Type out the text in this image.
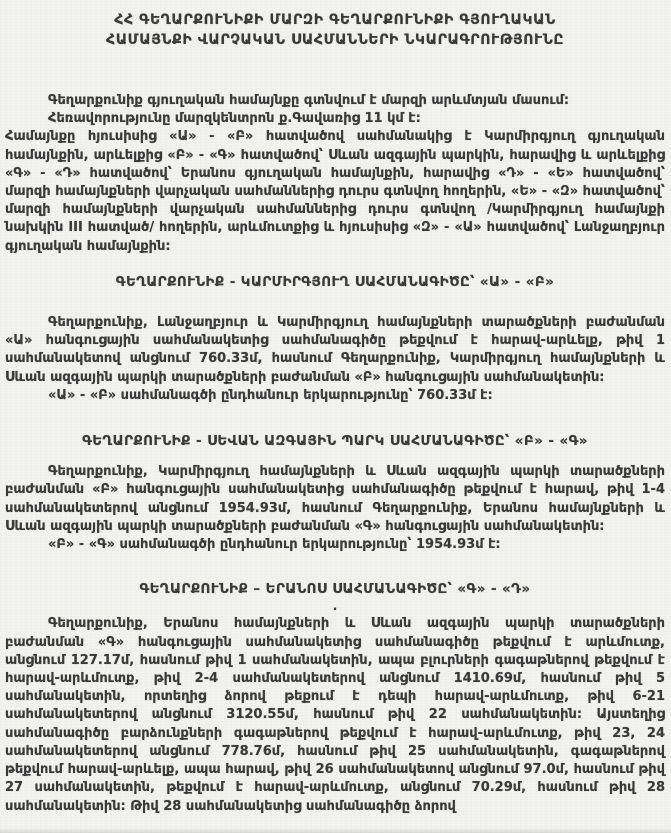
ՀՀ ԳԵՂԱՐՔՈՒՆԻՔԻ ՄԱՐԶԻ ԳԵՂԱՐՔՈՒՆԻՔԻ ԳՅՈՒՂԱԿԱՆ
ՀԱՄԱՅՆՔԻ ՎԱՐՉԱԿԱՆ ՍԱՀՄԱՆՆԵՐԻ ՆԿԱՐԱԳՐՈՒԹՅՈՒՆԸ

Գեղարքունիք գյուղական համայնքը գտնվում է մարզի արևմտյան մասում:

Հեռավորությունը մարզկենտրոն ք.Գավառից 11 կմ է:

Համայնքը հյուսիսից «Ա» - «Բ» հատվածով սահմանակից է Կարմիրգյուղ գյուղական համայնքին, արևելքից «Բ» - «Գ» հատվածով՝ Սևան ազգային պարկին, հարավից և արևելքից «Գ» - «Դ» հատվածով՝ Երանոս գյուղական համայնքին, հարավից «Դ» - «Ե» հատվածով՝ մարզի համայնքների վարչական սահմաններից դուրս գտնվող հողերին, «Ե» - «Զ» հատվածով՝ մարզի համայնքների վարչական սահմաններից դուրս գտնվող /Կարմիրգյուղ համայնքի նախկին III հատված/ հողերին, արևմուտքից և հյուսիսից «Զ» - «Ա» հատվածով՝ Լանջաղբյուր գյուղական համայնքին:

ԳԵՂԱՐՔՈՒՆԻՔ - ԿԱՐՄԻՐԳՅՈՒՂ ՍԱՀՄԱՆԱԳԻԾԸ՝ «Ա» - «Բ»

Գեղարքունիք, Լանջաղբյուր և Կարմիրգյուղ համայնքների տարածքների բաժանման «Ա» հանգուցային սահմանակետից սահմանագիծը թեքվում է հարավ-արևելք, թիվ 1 սահմանակետով անցնում 760.33մ, հասնում Գեղարքունիք, Կարմիրգյուղ համայնքների և Սևան ազգային պարկի տարածքների բաժանման «Բ» հանգուցային սահմանակետին:

«Ա» - «Բ» սահմանագծի ընդհանուր երկարությունը՝ 760.33մ է:

ԳԵՂԱՐՔՈՒՆԻՔ - ՍԵՎԱՆ ԱԶԳԱՅԻՆ ՊԱՐԿ ՍԱՀՄԱՆԱԳԻԾԸ՝ «Բ» - «Գ»

Գեղարքունիք, Կարմիրգյուղ համայնքների և Սևան ազգային պարկի տարածքների բաժանման «Բ» հանգուցային սահմանակետից սահմանագիծը թեքվում է հարավ, թիվ 1-4 սահմանակետերով անցնում 1954.93մ, հասնում Գեղարքունիք, Երանոս համայնքների և Սևան ազգային պարկի տարածքների բաժանման «Գ» հանգուցային սահմանակետին:

«Բ» - «Գ» սահմանագծի ընդհանուր երկարությունը՝ 1954.93մ է:

ԳԵՂԱՐՔՈՒՆԻՔ – ԵՐԱՆՈՍ ՍԱՀՄԱՆԱԳԻԾԸ՝ «Գ» - «Դ»

.

Գեղարքունիք, Երանոս համայնքների և Սևան ազգային պարկի տարածքների բաժանման «Գ» հանգուցային սահմանակետից սահմանագիծը թեքվում է արևմուտք, անցնում 127.17մ, հասնում թիվ 1 սահմանակետին, ապա բլուրների գագաթներով թեքվում է հարավ-արևմուտք, թիվ 2-4 սահմանակետերով անցնում 1410.69մ, հասնում թիվ 5 սահմանակետին, որտեղից ձորով թեքում է դեպի հարավ-արևմուտք, թիվ 6-21 սահմանակետերով անցնում 3120.55մ, հասնում թիվ 22 սահմանակետին: Այստեղից սահմանագիծը բարձունքների գագաթներով թեքվում է հարավ-արևմուտք, թիվ 23, 24 սահմանակետերով անցնում 778.76մ, հասնում թիվ 25 սահմանակետին, գագաթներով թեքվում հարավ-արևելք, ապա հարավ, թիվ 26 սահմանակետով անցնում 97.0մ, հասնում թիվ 27 սահմանակետին, թեքվում է հարավ-արևմուտք, անցնում 70.29մ, հասնում թիվ 28 սահմանակետին: Թիվ 28 սահմանակետից սահմանագիծը ձորով
